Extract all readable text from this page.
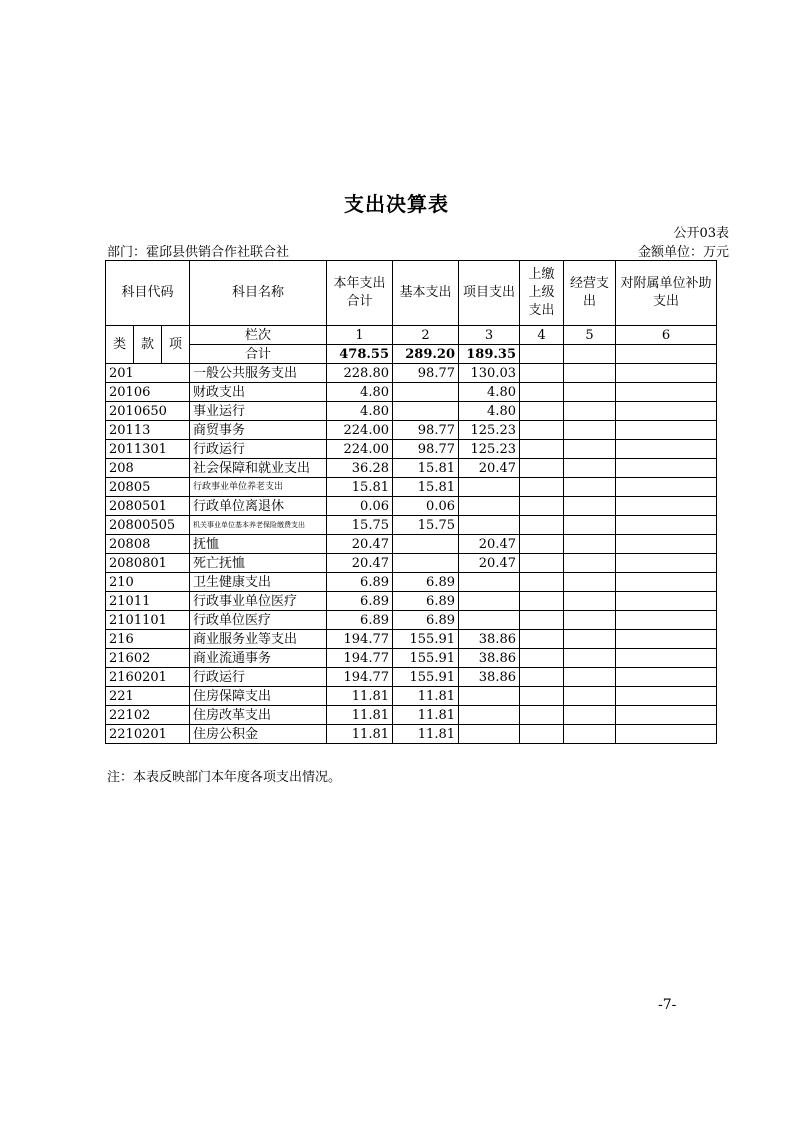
支出决算表
公开03表
部门：霍邱县供销合作社联合社	金额单位：万元
科目代码			科目名称	本年支出合计	基本支出	项目支出	上缴上级支出	经营支出	对附属单位补助支出
类	款	项	栏次	1	2	3	4	5	6
			合计	478.55	289.20	189.35			
201			一般公共服务支出	228.80	98.77	130.03			
20106			财政支出	4.80		4.80			
2010650			事业运行	4.80		4.80			
20113			商贸事务	224.00	98.77	125.23			
2011301			行政运行	224.00	98.77	125.23			
208			社会保障和就业支出	36.28	15.81	20.47			
20805			行政事业单位养老支出	15.81	15.81				
2080501			行政单位离退休	0.06	0.06				
20800505			机关事业单位基本养老保险缴费支出	15.75	15.75				
20808			抚恤	20.47		20.47			
2080801			死亡抚恤	20.47		20.47			
210			卫生健康支出	6.89	6.89				
21011			行政事业单位医疗	6.89	6.89				
2101101			行政单位医疗	6.89	6.89				
216			商业服务业等支出	194.77	155.91	38.86			
21602			商业流通事务	194.77	155.91	38.86			
2160201			行政运行	194.77	155.91	38.86			
221			住房保障支出	11.81	11.81				
22102			住房改革支出	11.81	11.81				
2210201			住房公积金	11.81	11.81				
注：本表反映部门本年度各项支出情况。
-7-
